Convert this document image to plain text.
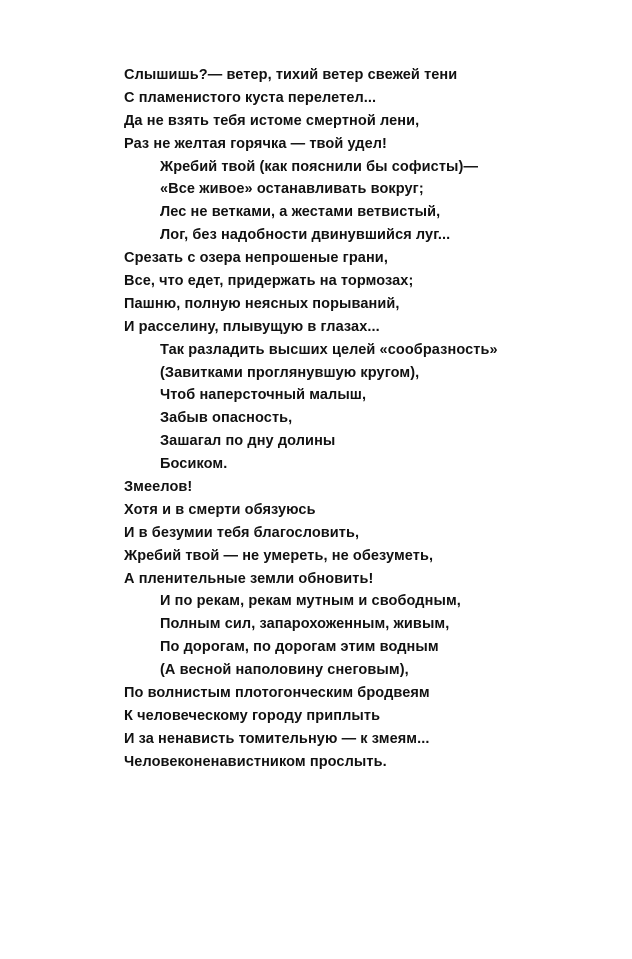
Слышишь?— ветер, тихий ветер свежей тени
С пламенистого куста перелетел...
Да не взять тебя истоме смертной лени,
Раз не желтая горячка — твой удел!
Жребий твой (как пояснили бы софисты)—
«Все живое» останавливать вокруг;
Лес не ветками, а жестами ветвистый,
Лог, без надобности двинувшийся луг...
Срезать с озера непрошеные грани,
Все, что едет, придержать на тормозах;
Пашню, полную неясных порываний,
И расселину, плывущую в глазах...
Так разладить высших целей «сообразность»
(Завитками проглянувшую кругом),
Чтоб наперсточный малыш,
Забыв опасность,
Зашагал по дну долины
Босиком.
Змеелов!
Хотя и в смерти обязуюсь
И в безумии тебя благословить,
Жребий твой — не умереть, не обезуметь,
А пленительные земли обновить!
И по рекам, рекам мутным и свободным,
Полным сил, запарохоженным, живым,
По дорогам, по дорогам этим водным
(А весной наполовину снеговым),
По волнистым плотогонческим бродвеям
К человеческому городу приплыть
И за ненависть томительную — к змеям...
Человеконенавистником прослыть.
